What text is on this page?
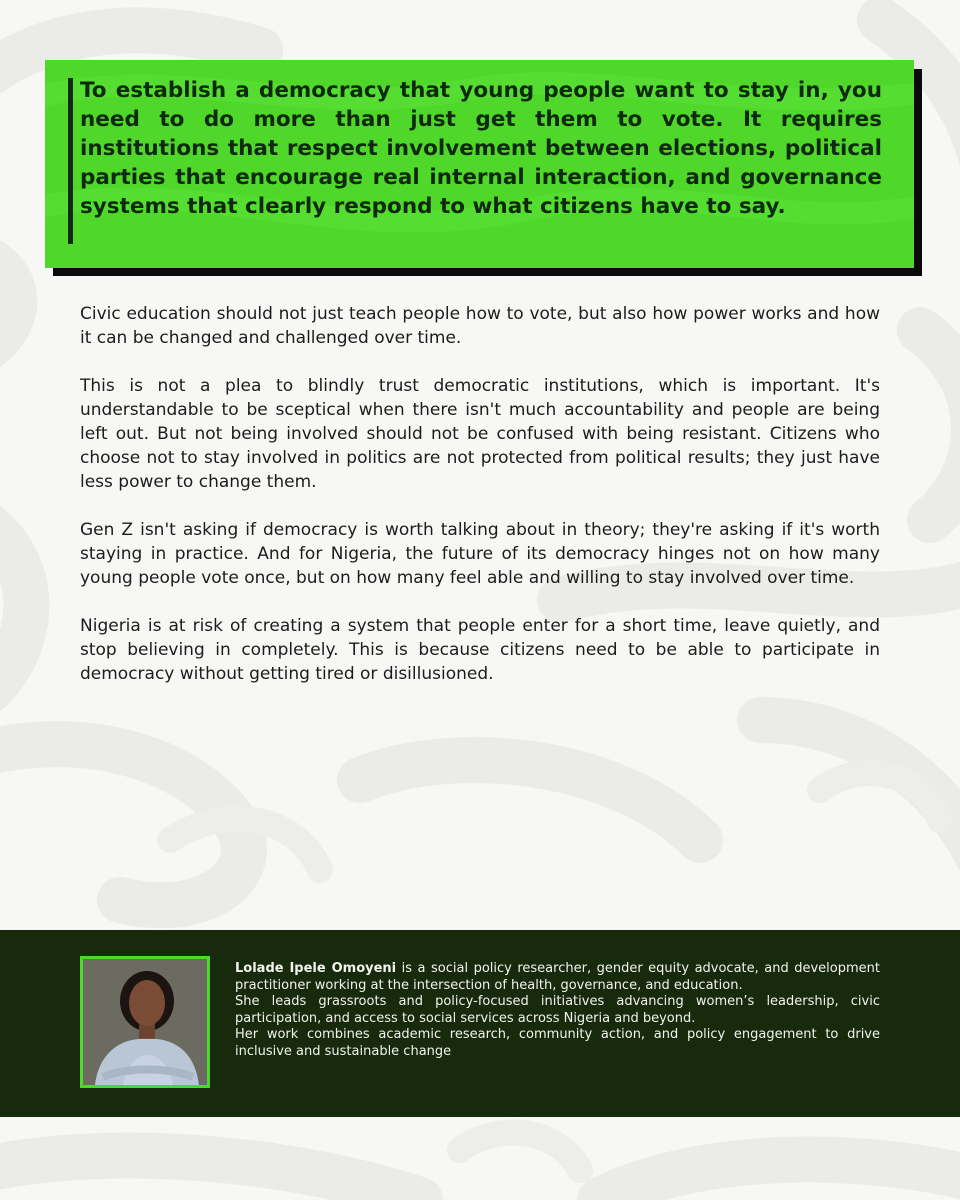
To establish a democracy that young people want to stay in, you need to do more than just get them to vote. It requires institutions that respect involvement between elections, political parties that encourage real internal interaction, and governance systems that clearly respond to what citizens have to say.

Civic education should not just teach people how to vote, but also how power works and how it can be changed and challenged over time.

This is not a plea to blindly trust democratic institutions, which is important. It's understandable to be sceptical when there isn't much accountability and people are being left out. But not being involved should not be confused with being resistant. Citizens who choose not to stay involved in politics are not protected from political results; they just have less power to change them.

Gen Z isn't asking if democracy is worth talking about in theory; they're asking if it's worth staying in practice. And for Nigeria, the future of its democracy hinges not on how many young people vote once, but on how many feel able and willing to stay involved over time.

Nigeria is at risk of creating a system that people enter for a short time, leave quietly, and stop believing in completely. This is because citizens need to be able to participate in democracy without getting tired or disillusioned.

Lolade Ipele Omoyeni is a social policy researcher, gender equity advocate, and development practitioner working at the intersection of health, governance, and education.
She leads grassroots and policy-focused initiatives advancing women’s leadership, civic participation, and access to social services across Nigeria and beyond.
Her work combines academic research, community action, and policy engagement to drive inclusive and sustainable change
